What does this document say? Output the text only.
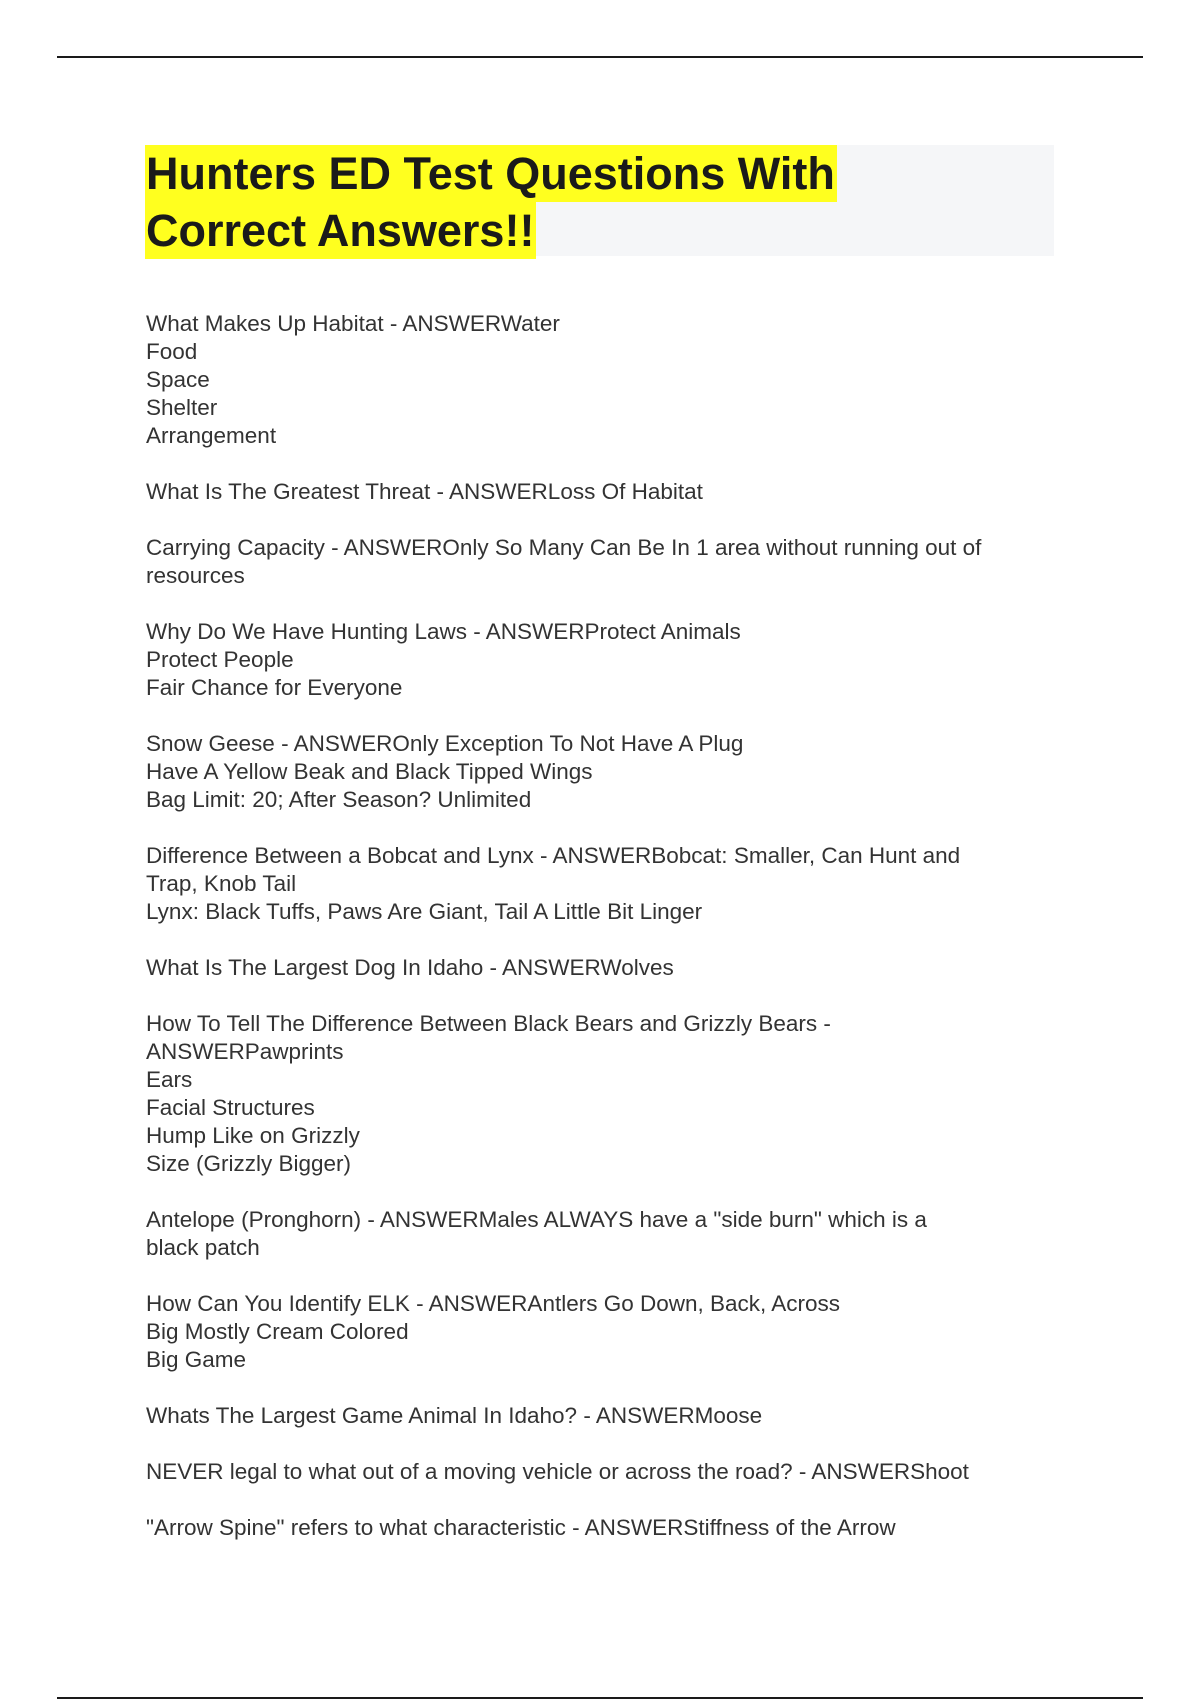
Hunters ED Test Questions With
Correct Answers!!
What Makes Up Habitat - ANSWERWater
Food
Space
Shelter
Arrangement
What Is The Greatest Threat - ANSWERLoss Of Habitat
Carrying Capacity - ANSWEROnly So Many Can Be In 1 area without running out of
resources
Why Do We Have Hunting Laws - ANSWERProtect Animals
Protect People
Fair Chance for Everyone
Snow Geese - ANSWEROnly Exception To Not Have A Plug
Have A Yellow Beak and Black Tipped Wings
Bag Limit: 20; After Season? Unlimited
Difference Between a Bobcat and Lynx - ANSWERBobcat: Smaller, Can Hunt and
Trap, Knob Tail
Lynx: Black Tuffs, Paws Are Giant, Tail A Little Bit Linger
What Is The Largest Dog In Idaho - ANSWERWolves
How To Tell The Difference Between Black Bears and Grizzly Bears -
ANSWERPawprints
Ears
Facial Structures
Hump Like on Grizzly
Size (Grizzly Bigger)
Antelope (Pronghorn) - ANSWERMales ALWAYS have a "side burn" which is a
black patch
How Can You Identify ELK - ANSWERAntlers Go Down, Back, Across
Big Mostly Cream Colored
Big Game
Whats The Largest Game Animal In Idaho? - ANSWERMoose
NEVER legal to what out of a moving vehicle or across the road? - ANSWERShoot
"Arrow Spine" refers to what characteristic - ANSWERStiffness of the Arrow
